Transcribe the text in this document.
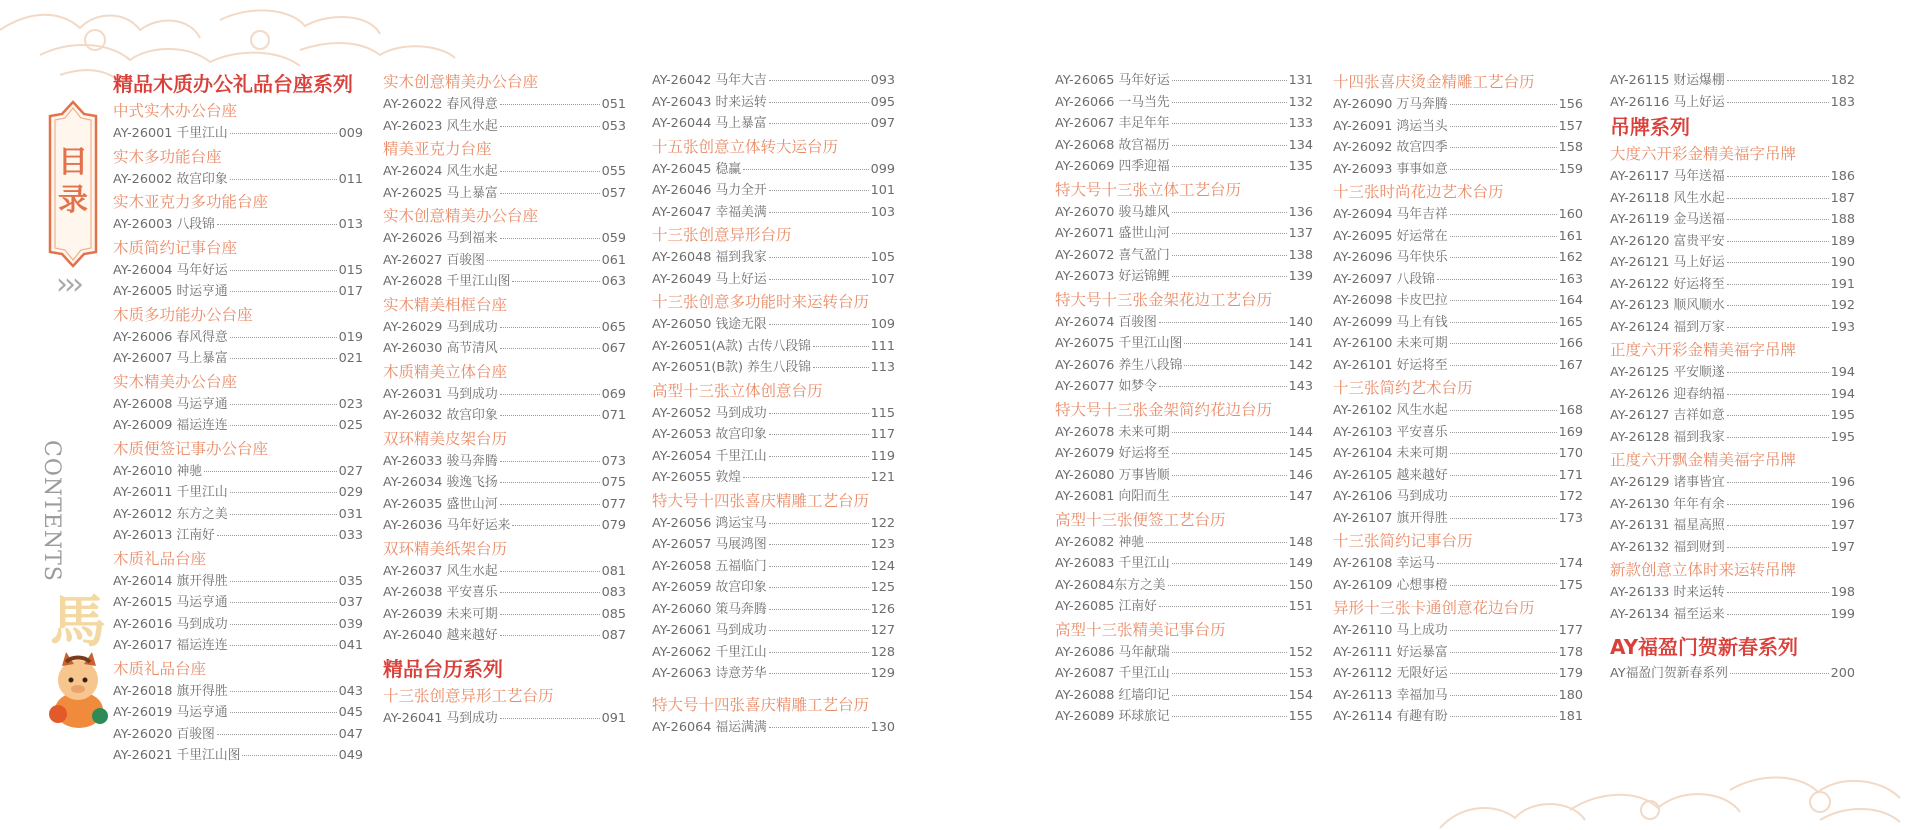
目
录
›››
CONTENTS
馬
精品木质办公礼品台座系列
中式实木办公台座
AY-26001 千里江山	009
实木多功能台座
AY-26002 故宫印象	011
实木亚克力多功能台座
AY-26003 八段锦	013
木质简约记事台座
AY-26004 马年好运	015
AY-26005 时运亨通	017
木质多功能办公台座
AY-26006 春风得意	019
AY-26007 马上暴富	021
实木精美办公台座
AY-26008 马运亨通	023
AY-26009 福运连连	025
木质便签记事办公台座
AY-26010 神驰	027
AY-26011 千里江山	029
AY-26012 东方之美	031
AY-26013 江南好	033
木质礼品台座
AY-26014 旗开得胜	035
AY-26015 马运亨通	037
AY-26016 马到成功	039
AY-26017 福运连连	041
木质礼品台座
AY-26018 旗开得胜	043
AY-26019 马运亨通	045
AY-26020 百骏图	047
AY-26021 千里江山图	049
实木创意精美办公台座
AY-26022 春风得意	051
AY-26023 风生水起	053
精美亚克力台座
AY-26024 风生水起	055
AY-26025 马上暴富	057
实木创意精美办公台座
AY-26026 马到福来	059
AY-26027 百骏图	061
AY-26028 千里江山图	063
实木精美相框台座
AY-26029 马到成功	065
AY-26030 高节清风	067
木质精美立体台座
AY-26031 马到成功	069
AY-26032 故宫印象	071
双环精美皮架台历
AY-26033 骏马奔腾	073
AY-26034 骏逸飞扬	075
AY-26035 盛世山河	077
AY-26036 马年好运来	079
双环精美纸架台历
AY-26037 风生水起	081
AY-26038 平安喜乐	083
AY-26039 未来可期	085
AY-26040 越来越好	087
精品台历系列
十三张创意异形工艺台历
AY-26041 马到成功	091
AY-26042 马年大吉	093
AY-26043 时来运转	095
AY-26044 马上暴富	097
十五张创意立体转大运台历
AY-26045 稳赢	099
AY-26046 马力全开	101
AY-26047 幸福美满	103
十三张创意异形台历
AY-26048 福到我家	105
AY-26049 马上好运	107
十三张创意多功能时来运转台历
AY-26050 钱途无限	109
AY-26051(A款) 古传八段锦	111
AY-26051(B款) 养生八段锦	113
高型十三张立体创意台历
AY-26052 马到成功	115
AY-26053 故宫印象	117
AY-26054 千里江山	119
AY-26055 敦煌	121
特大号十四张喜庆精雕工艺台历
AY-26056 鸿运宝马	122
AY-26057 马展鸿图	123
AY-26058 五福临门	124
AY-26059 故宫印象	125
AY-26060 策马奔腾	126
AY-26061 马到成功	127
AY-26062 千里江山	128
AY-26063 诗意芳华	129
特大号十四张喜庆精雕工艺台历
AY-26064 福运满满	130
AY-26065 马年好运	131
AY-26066 一马当先	132
AY-26067 丰足年年	133
AY-26068 故宫福历	134
AY-26069 四季迎福	135
特大号十三张立体工艺台历
AY-26070 骏马雄风	136
AY-26071 盛世山河	137
AY-26072 喜气盈门	138
AY-26073 好运锦鲤	139
特大号十三张金架花边工艺台历
AY-26074 百骏图	140
AY-26075 千里江山图	141
AY-26076 养生八段锦	142
AY-26077 如梦令	143
特大号十三张金架简约花边台历
AY-26078 未来可期	144
AY-26079 好运将至	145
AY-26080 万事皆顺	146
AY-26081 向阳而生	147
高型十三张便签工艺台历
AY-26082 神驰	148
AY-26083 千里江山	149
AY-26084东方之美	150
AY-26085 江南好	151
高型十三张精美记事台历
AY-26086 马年献瑞	152
AY-26087 千里江山	153
AY-26088 红墙印记	154
AY-26089 环球旅记	155
十四张喜庆烫金精雕工艺台历
AY-26090 万马奔腾	156
AY-26091 鸿运当头	157
AY-26092 故宫四季	158
AY-26093 事事如意	159
十三张时尚花边艺术台历
AY-26094 马年吉祥	160
AY-26095 好运常在	161
AY-26096 马年快乐	162
AY-26097 八段锦	163
AY-26098 卡皮巴拉	164
AY-26099 马上有钱	165
AY-26100 未来可期	166
AY-26101 好运将至	167
十三张简约艺术台历
AY-26102 风生水起	168
AY-26103 平安喜乐	169
AY-26104 未来可期	170
AY-26105 越来越好	171
AY-26106 马到成功	172
AY-26107 旗开得胜	173
十三张简约记事台历
AY-26108 幸运马	174
AY-26109 心想事橙	175
异形十三张卡通创意花边台历
AY-26110 马上成功	177
AY-26111 好运暴富	178
AY-26112 无限好运	179
AY-26113 幸福加马	180
AY-26114 有趣有盼	181
AY-26115 财运爆棚	182
AY-26116 马上好运	183
吊牌系列
大度六开彩金精美福字吊牌
AY-26117 马年送福	186
AY-26118 风生水起	187
AY-26119 金马送福	188
AY-26120 富贵平安	189
AY-26121 马上好运	190
AY-26122 好运将至	191
AY-26123 顺风顺水	192
AY-26124 福到万家	193
正度六开彩金精美福字吊牌
AY-26125 平安顺遂	194
AY-26126 迎春纳福	194
AY-26127 吉祥如意	195
AY-26128 福到我家	195
正度六开飘金精美福字吊牌
AY-26129 诸事皆宜	196
AY-26130 年年有余	196
AY-26131 福星高照	197
AY-26132 福到财到	197
新款创意立体时来运转吊牌
AY-26133 时来运转	198
AY-26134 福至运来	199
AY福盈门贺新春系列
AY福盈门贺新春系列	200
